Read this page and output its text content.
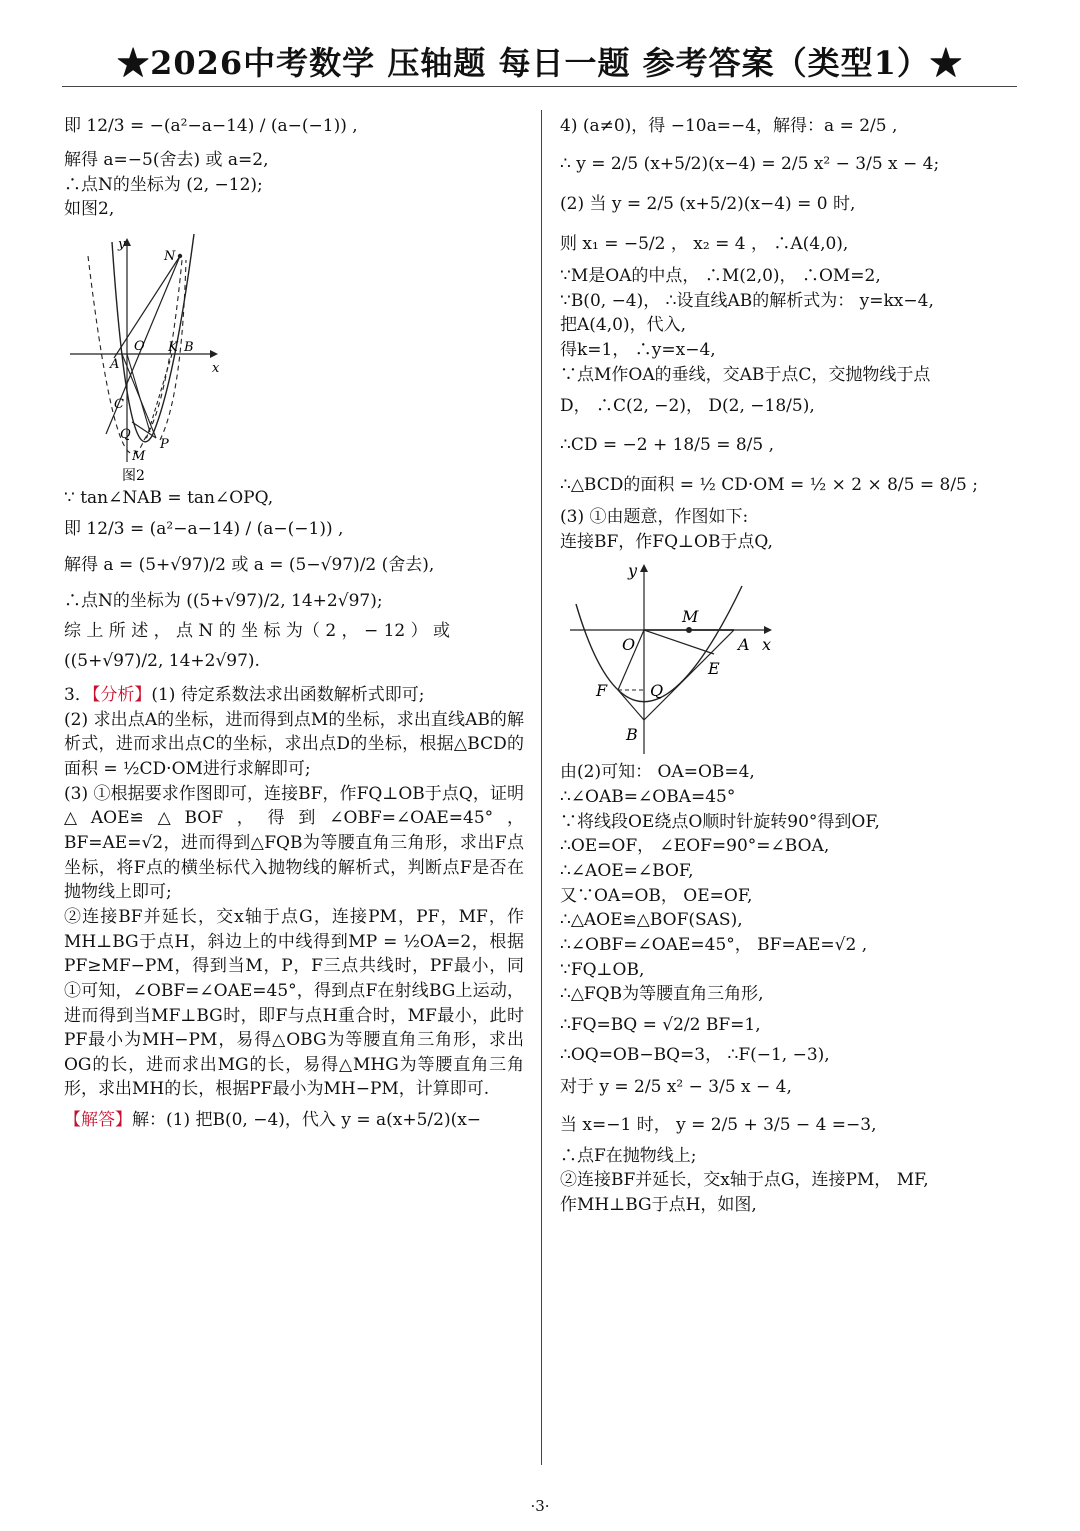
★2026中考数学 压轴题 每日一题 参考答案（类型1）★
即 12/3 = −(a²−a−14) / (a−(−1)) ,
解得 a=−5(舍去) 或 a=2,
∴点N的坐标为 (2, −12);
如图2,
y
x
N
O
A
K B
C
Q
P
M
图2
∵ tan∠NAB = tan∠OPQ,
即 12/3 = (a²−a−14) / (a−(−1)) ,
解得 a = (5+√97)/2 或 a = (5−√97)/2 (舍去),
∴点N的坐标为 ((5+√97)/2, 14+2√97);
综 上 所 述 ， 点 N 的 坐 标 为（ 2 ， − 12 ） 或
((5+√97)/2, 14+2√97).
3．【分析】(1) 待定系数法求出函数解析式即可;
(2) 求出点A的坐标，进而得到点M的坐标，求出直线AB的解析式，进而求出点C的坐标，求出点D的坐标，根据△BCD的面积 = ½CD·OM进行求解即可;
(3) ①根据要求作图即可，连接BF，作FQ⊥OB于点Q，证明△AOE≌△BOF，得到∠OBF=∠OAE=45°，BF=AE=√2，进而得到△FQB为等腰直角三角形，求出F点坐标，将F点的横坐标代入抛物线的解析式，判断点F是否在抛物线上即可;
②连接BF并延长，交x轴于点G，连接PM，PF，MF，作MH⊥BG于点H，斜边上的中线得到MP = ½OA=2，根据PF≥MF−PM，得到当M，P，F三点共线时，PF最小，同①可知，∠OBF=∠OAE=45°，得到点F在射线BG上运动，进而得到当MF⊥BG时，即F与点H重合时，MF最小，此时PF最小为MH−PM，易得△OBG为等腰直角三角形，求出OG的长，进而求出MG的长，易得△MHG为等腰直角三角形，求出MH的长，根据PF最小为MH−PM，计算即可.
【解答】解：(1) 把B(0, −4)，代入 y = a(x+5/2)(x−
4) (a≠0)，得 −10a=−4，解得：a = 2/5 ,
∴ y = 2/5 (x+5/2)(x−4) = 2/5 x² − 3/5 x − 4;
(2) 当 y = 2/5 (x+5/2)(x−4) = 0 时,
则 x₁ = −5/2 ， x₂ = 4 ， ∴A(4,0),
∵M是OA的中点， ∴M(2,0)， ∴OM=2,
∵B(0, −4)， ∴设直线AB的解析式为： y=kx−4,
把A(4,0)，代入,
得k=1， ∴y=x−4,
∵点M作OA的垂线，交AB于点C，交抛物线于点
D， ∴C(2, −2)， D(2, −18/5),
∴CD = −2 + 18/5 = 8/5 ,
∴△BCD的面积 = ½ CD·OM = ½ × 2 × 8/5 = 8/5 ;
(3) ①由题意，作图如下:
连接BF，作FQ⊥OB于点Q,
y
x
M
O	A
E
F	Q
B
由(2)可知： OA=OB=4,
∴∠OAB=∠OBA=45°
∵将线段OE绕点O顺时针旋转90°得到OF,
∴OE=OF， ∠EOF=90°=∠BOA,
∴∠AOE=∠BOF,
又∵OA=OB， OE=OF,
∴△AOE≌△BOF(SAS),
∴∠OBF=∠OAE=45°， BF=AE=√2 ,
∵FQ⊥OB,
∴△FQB为等腰直角三角形,
∴FQ=BQ = √2/2 BF=1,
∴OQ=OB−BQ=3， ∴F(−1, −3),
对于 y = 2/5 x² − 3/5 x − 4,
当 x=−1 时， y = 2/5 + 3/5 − 4 =−3,
∴点F在抛物线上;
②连接BF并延长，交x轴于点G，连接PM， MF,
作MH⊥BG于点H，如图,
·3·
